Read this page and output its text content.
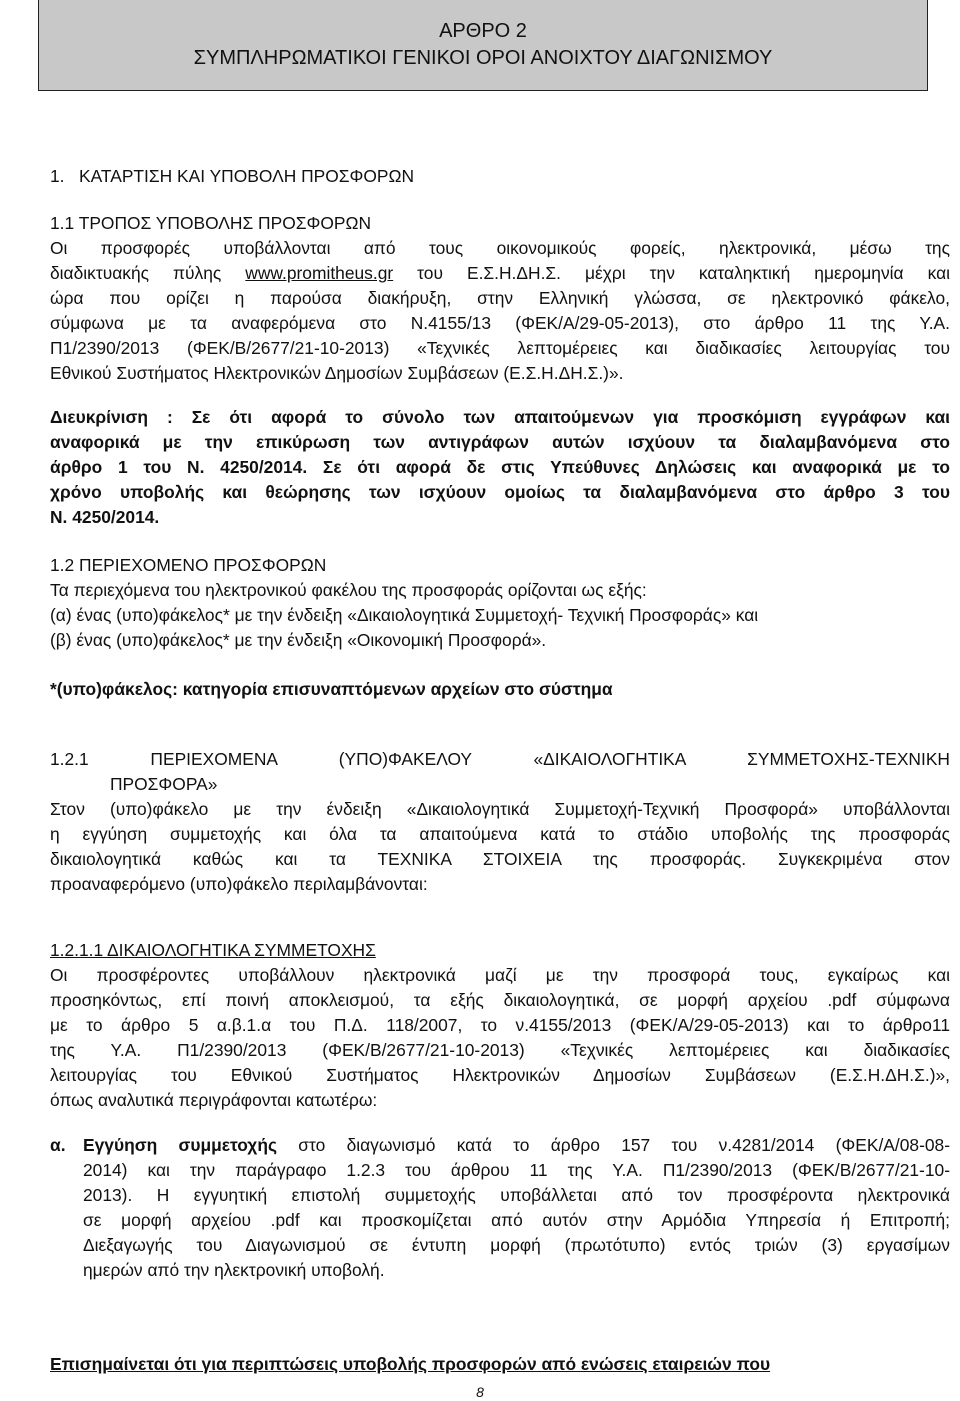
ΑΡΘΡΟ 2
ΣΥΜΠΛΗΡΩΜΑΤΙΚΟΙ ΓΕΝΙΚΟΙ ΟΡΟΙ ΑΝΟΙΧΤΟΥ ΔΙΑΓΩΝΙΣΜΟΥ
1.   ΚΑΤΑΡΤΙΣΗ ΚΑΙ ΥΠΟΒΟΛΗ ΠΡΟΣΦΟΡΩΝ
1.1 ΤΡΟΠΟΣ ΥΠΟΒΟΛΗΣ ΠΡΟΣΦΟΡΩΝ
Οι προσφορές υποβάλλονται από τους οικονομικούς φορείς, ηλεκτρονικά, μέσω της
διαδικτυακής πύλης www.promitheus.gr του Ε.Σ.Η.ΔΗ.Σ. μέχρι την καταληκτική ημερομηνία και
ώρα που ορίζει η παρούσα διακήρυξη, στην Ελληνική γλώσσα, σε ηλεκτρονικό φάκελο,
σύμφωνα με τα αναφερόμενα στο Ν.4155/13 (ΦΕΚ/Α/29-05-2013), στο άρθρο 11 της Υ.Α.
Π1/2390/2013 (ΦΕΚ/Β/2677/21-10-2013) «Τεχνικές λεπτομέρειες και διαδικασίες λειτουργίας του
Εθνικού Συστήματος Ηλεκτρονικών Δημοσίων Συμβάσεων (Ε.Σ.Η.ΔΗ.Σ.)».
Διευκρίνιση : Σε ότι αφορά το σύνολο των απαιτούμενων για προσκόμιση εγγράφων και
αναφορικά με την επικύρωση των αντιγράφων αυτών ισχύουν τα διαλαμβανόμενα στο
άρθρο 1 του Ν. 4250/2014. Σε ότι αφορά δε στις Υπεύθυνες Δηλώσεις και αναφορικά με το
χρόνο υποβολής και θεώρησης των ισχύουν ομοίως τα διαλαμβανόμενα στο άρθρο 3 του
Ν. 4250/2014.
1.2 ΠΕΡΙΕΧΟΜΕΝΟ ΠΡΟΣΦΟΡΩΝ
Τα περιεχόμενα του ηλεκτρονικού φακέλου της προσφοράς ορίζονται ως εξής:
(α) ένας (υπο)φάκελος* με την ένδειξη «Δικαιολογητικά Συμμετοχή- Τεχνική Προσφοράς» και
(β) ένας (υπο)φάκελος* με την ένδειξη «Οικονομική Προσφορά».
*(υπο)φάκελος: κατηγορία επισυναπτόμενων αρχείων στο σύστημα
1.2.1   ΠΕΡΙΕΧΟΜΕΝΑ   (ΥΠΟ)ΦΑΚΕΛΟΥ   «ΔΙΚΑΙΟΛΟΓΗΤΙΚΑ   ΣΥΜΜΕΤΟΧΗΣ-ΤΕΧΝΙΚΗ
ΠΡΟΣΦΟΡΑ»
Στον (υπο)φάκελο με την ένδειξη «Δικαιολογητικά Συμμετοχή-Τεχνική Προσφορά» υποβάλλονται
η εγγύηση συμμετοχής και όλα τα απαιτούμενα κατά το στάδιο υποβολής της προσφοράς
δικαιολογητικά καθώς και τα ΤΕΧΝΙΚΑ ΣΤΟΙΧΕΙΑ της προσφοράς. Συγκεκριμένα στον
προαναφερόμενο (υπο)φάκελο περιλαμβάνονται:
1.2.1.1 ΔΙΚΑΙΟΛΟΓΗΤΙΚΑ ΣΥΜΜΕΤΟΧΗΣ
Οι προσφέροντες υποβάλλουν ηλεκτρονικά μαζί με την προσφορά τους, εγκαίρως και
προσηκόντως, επί ποινή αποκλεισμού, τα εξής δικαιολογητικά, σε μορφή αρχείου .pdf σύμφωνα
με το άρθρο 5 α.β.1.α του Π.Δ. 118/2007, το ν.4155/2013 (ΦΕΚ/Α/29-05-2013) και το άρθρο11
της Υ.Α. Π1/2390/2013 (ΦΕΚ/Β/2677/21-10-2013) «Τεχνικές λεπτομέρειες και διαδικασίες
λειτουργίας του Εθνικού Συστήματος Ηλεκτρονικών Δημοσίων Συμβάσεων (Ε.Σ.Η.ΔΗ.Σ.)»,
όπως αναλυτικά περιγράφονται κατωτέρω:
α. Εγγύηση συμμετοχής στο διαγωνισμό κατά το άρθρο 157 του ν.4281/2014 (ΦΕΚ/Α/08-08-
2014) και την παράγραφο 1.2.3 του άρθρου 11 της Υ.Α. Π1/2390/2013 (ΦΕΚ/Β/2677/21-10-
2013). Η εγγυητική επιστολή συμμετοχής υποβάλλεται από τον προσφέροντα ηλεκτρονικά
σε μορφή αρχείου .pdf και προσκομίζεται από αυτόν στην Αρμόδια Υπηρεσία ή Επιτροπή;
Διεξαγωγής του Διαγωνισμού σε έντυπη μορφή (πρωτότυπο) εντός τριών (3) εργασίμων
ημερών από την ηλεκτρονική υποβολή.
Επισημαίνεται ότι για περιπτώσεις υποβολής προσφορών από ενώσεις εταιρειών που
8
